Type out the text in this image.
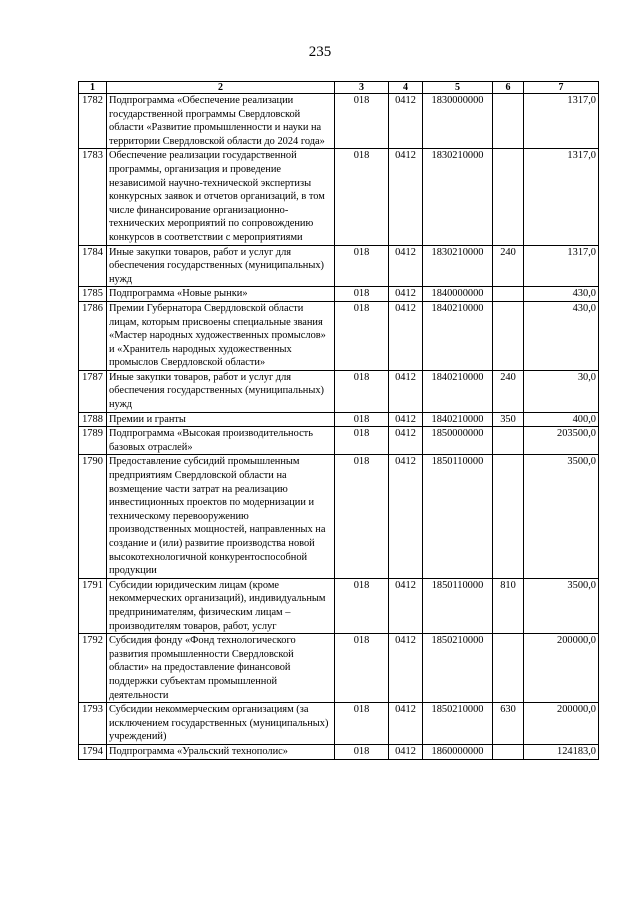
235
1	2	3	4	5	6	7
1782	Подпрограмма «Обеспечение реализации государственной программы Свердловской области «Развитие промышленности и науки на территории Свердловской области до 2024 года»	018	0412	1830000000		1317,0
1783	Обеспечение реализации государственной программы, организация и проведение независимой научно-технической экспертизы конкурсных заявок и отчетов организаций, в том числе финансирование организационно-технических мероприятий по сопровождению конкурсов в соответствии с мероприятиями	018	0412	1830210000		1317,0
1784	Иные закупки товаров, работ и услуг для обеспечения государственных (муниципальных) нужд	018	0412	1830210000	240	1317,0
1785	Подпрограмма «Новые рынки»	018	0412	1840000000		430,0
1786	Премии Губернатора Свердловской области лицам, которым присвоены специальные звания «Мастер народных художественных промыслов» и «Хранитель народных художественных промыслов Свердловской области»	018	0412	1840210000		430,0
1787	Иные закупки товаров, работ и услуг для обеспечения государственных (муниципальных) нужд	018	0412	1840210000	240	30,0
1788	Премии и гранты	018	0412	1840210000	350	400,0
1789	Подпрограмма «Высокая производительность базовых отраслей»	018	0412	1850000000		203500,0
1790	Предоставление субсидий промышленным предприятиям Свердловской области на возмещение части затрат на реализацию инвестиционных проектов по модернизации и техническому перевооружению производственных мощностей, направленных на создание и (или) развитие производства новой высокотехнологичной конкурентоспособной продукции	018	0412	1850110000		3500,0
1791	Субсидии юридическим лицам (кроме некоммерческих организаций), индивидуальным предпринимателям, физическим лицам – производителям товаров, работ, услуг	018	0412	1850110000	810	3500,0
1792	Субсидия фонду «Фонд технологического развития промышленности Свердловской области» на предоставление финансовой поддержки субъектам промышленной деятельности	018	0412	1850210000		200000,0
1793	Субсидии некоммерческим организациям (за исключением государственных (муниципальных) учреждений)	018	0412	1850210000	630	200000,0
1794	Подпрограмма «Уральский технополис»	018	0412	1860000000		124183,0
